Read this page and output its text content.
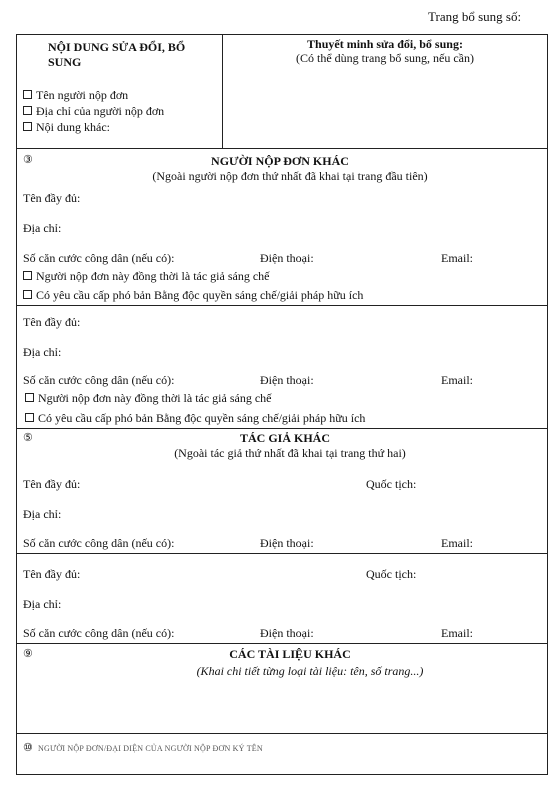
Trang bổ sung số:
NỘI DUNG SỬA ĐỔI, BỔ SUNG
Tên người nộp đơn
Địa chỉ của người nộp đơn
Nội dung khác:
Thuyết minh sửa đổi, bổ sung:
(Có thể dùng trang bổ sung, nếu cần)
③	NGƯỜI NỘP ĐƠN KHÁC
(Ngoài người nộp đơn thứ nhất đã khai tại trang đầu tiên)
Tên đầy đủ:
Địa chỉ:
Số căn cước công dân (nếu có):	Điện thoại:	Email:
Người nộp đơn này đồng thời là tác giả sáng chế
Có yêu cầu cấp phó bản Bằng độc quyền sáng chế/giải pháp hữu ích
Tên đầy đủ:
Địa chỉ:
Số căn cước công dân (nếu có):	Điện thoại:	Email:
Người nộp đơn này đồng thời là tác giả sáng chế
Có yêu cầu cấp phó bản Bằng độc quyền sáng chế/giải pháp hữu ích
⑤	TÁC GIẢ KHÁC
(Ngoài tác giả thứ nhất đã khai tại trang thứ hai)
Tên đầy đủ:	Quốc tịch:
Địa chỉ:
Số căn cước công dân (nếu có):	Điện thoại:	Email:
Tên đầy đủ:	Quốc tịch:
Địa chỉ:
Số căn cước công dân (nếu có):	Điện thoại:	Email:
⑨	CÁC TÀI LIỆU KHÁC
(Khai chi tiết từng loại tài liệu: tên, số trang...)
⑩ NGƯỜI NỘP ĐƠN/ĐẠI DIỆN CỦA NGƯỜI NỘP ĐƠN KÝ TÊN
